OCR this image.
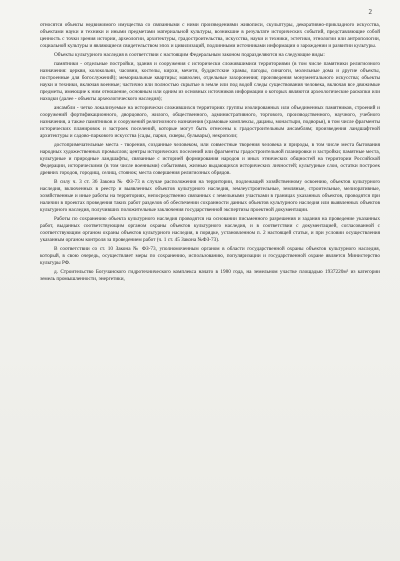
2

относятся объекты недвижимого имущества со связанными с ними произведениями живописи, скульптуры, декоративно-прикладного искусства, объектами науки и техники и иными предметами материальной культуры, возникшие в результате исторических событий, представляющие собой ценность с точки зрения истории, археологии, архитектуры, градостроительства, искусства, науки и техники, эстетики, этнологии или антропологии, социальной культуры и являющиеся свидетельством эпох и цивилизаций, подлинными источниками информации о зарождении и развитии культуры.

Объекты культурного наследия в соответствии с настоящим Федеральным законом подразделяются на следующие виды:

памятники - отдельные постройки, здания и сооружения с исторически сложившимися территориями (в том числе памятники религиозного назначения: церкви, колокольни, часовни, костелы, кирхи, мечети, буддистские храмы, пагоды, синагоги, молельные дома и другие объекты, построенные для богослужений); мемориальные квартиры; мавзолеи, отдельные захоронения; произведения монументального искусства; объекты науки и техники, включая военные; частично или полностью скрытые в земле или под водой следы существования человека, включая все движимые предметы, имеющие к ним отношение, основным или одним из основных источников информации о которых являются археологические раскопки или находки (далее - объекты археологического наследия);

ансамбли - четко локализуемые на исторически сложившихся территориях группы изолированных или объединенных памятников, строений и сооружений фортификационного, дворцового, жилого, общественного, административного, торгового, производственного, научного, учебного назначения, а также памятников и сооружений религиозного назначения (храмовые комплексы, дацаны, монастыри, подворья), в том числе фрагменты исторических планировок и застроек поселений, которые могут быть отнесены к градостроительным ансамблям; произведения ландшафтной архитектуры и садово-паркового искусства (сады, парки, скверы, бульвары), некрополи;

достопримечательные места - творения, созданные человеком, или совместные творения человека и природы, в том числе места бытования народных художественных промыслов; центры исторических поселений или фрагменты градостроительной планировки и застройки; памятные места, культурные и природные ландшафты, связанные с историей формирования народов и иных этнических общностей на территории Российской Федерации, историческими (в том числе военными) событиями, жизнью выдающихся исторических личностей; культурные слои, остатки построек древних городов, городищ, селищ, стоянок; места совершения религиозных обрядов.

В силу ч. 3 ст. 36 Закона № ФЗ-73 в случае расположения на территории, подлежащей хозяйственному освоению, объектов культурного наследия, включенных в реестр и выявленных объектов культурного наследия, землеустроительные, земляные, строительные, мелиоративные, хозяйственные и иные работы на территориях, непосредственно связанных с земельными участками в границах указанных объектов, проводятся при наличии в проектах проведения таких работ разделов об обеспечении сохранности данных объектов культурного наследия или выявленных объектов культурного наследия, получивших положительные заключения государственной экспертизы проектной документации.

Работы по сохранению объекта культурного наследия проводятся на основании письменного разрешения и задания на проведение указанных работ, выданных соответствующим органом охраны объектов культурного наследия, и в соответствии с документацией, согласованной с соответствующим органом охраны объектов культурного наследия, в порядке, установленном п. 2 настоящей статьи, и при условии осуществления указанным органом контроля за проведением работ (ч. 1 ст. 45 Закона №ФЗ-73).

В соответствии со ст. 10 Закона № ФЗ-73, уполномоченным органом в области государственной охраны объектов культурного наследия, который, в свою очередь, осуществляет меры по сохранению, использованию, популяризации и государственной охране является Министерство культуры РФ.

д. Строительство Богучанского гидротехнического комплекса начато в 1980 года, на земельном участке площадью 1937220м² из категории земель промышленности, энергетики,
